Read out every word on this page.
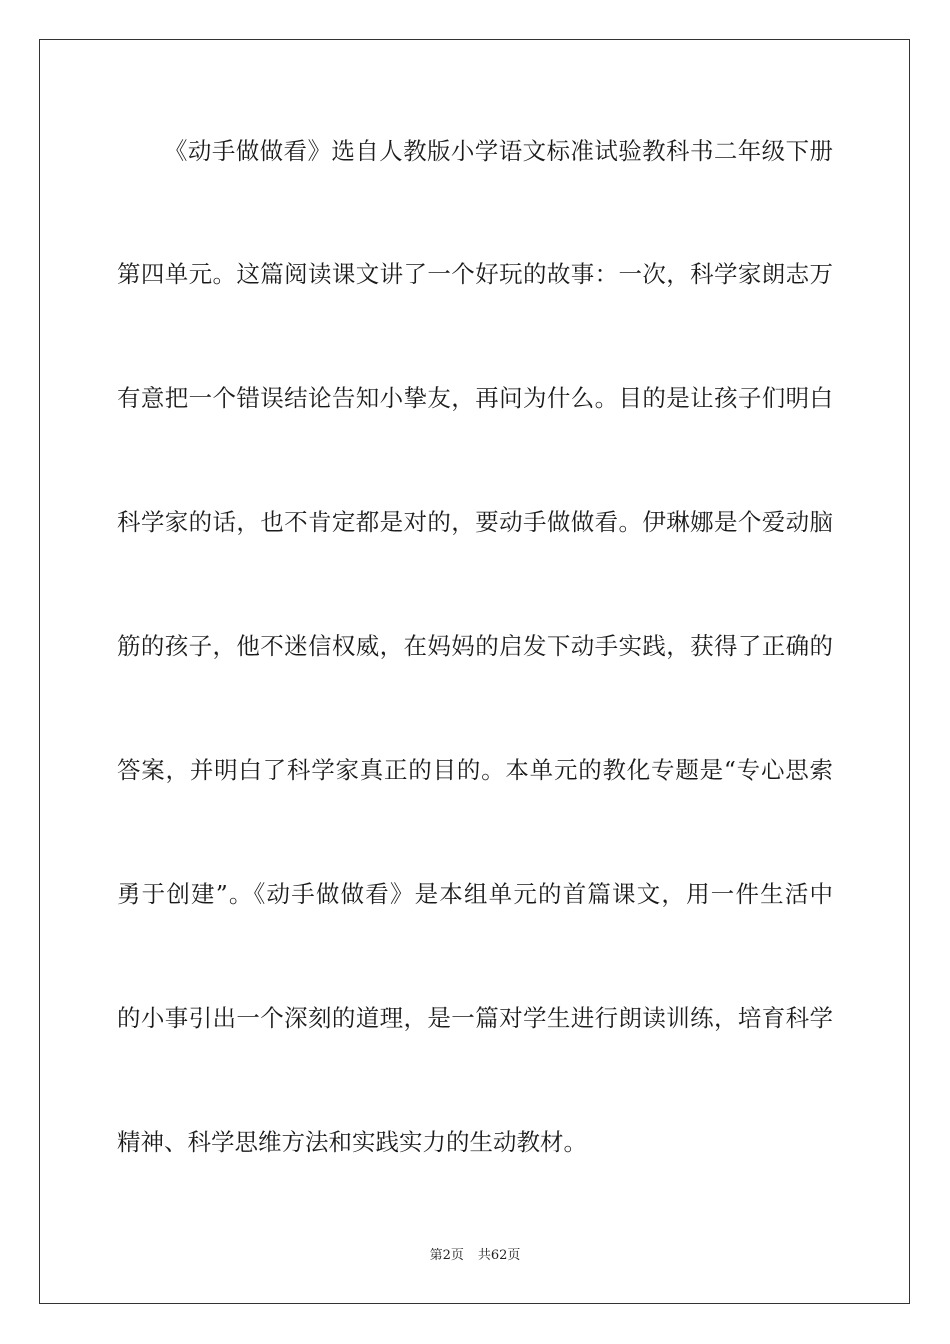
《动手做做看》选自人教版小学语文标准试验教科书二年级下册
第四单元。这篇阅读课文讲了一个好玩的故事：一次，科学家朗志万
有意把一个错误结论告知小挚友，再问为什么。目的是让孩子们明白
科学家的话，也不肯定都是对的，要动手做做看。伊琳娜是个爱动脑
筋的孩子，他不迷信权威，在妈妈的启发下动手实践，获得了正确的
答案，并明白了科学家真正的目的。本单元的教化专题是“专心思索
勇于创建”。《动手做做看》是本组单元的首篇课文，用一件生活中
的小事引出一个深刻的道理，是一篇对学生进行朗读训练，培育科学
精神、科学思维方法和实践实力的生动教材。
第2页 共62页
